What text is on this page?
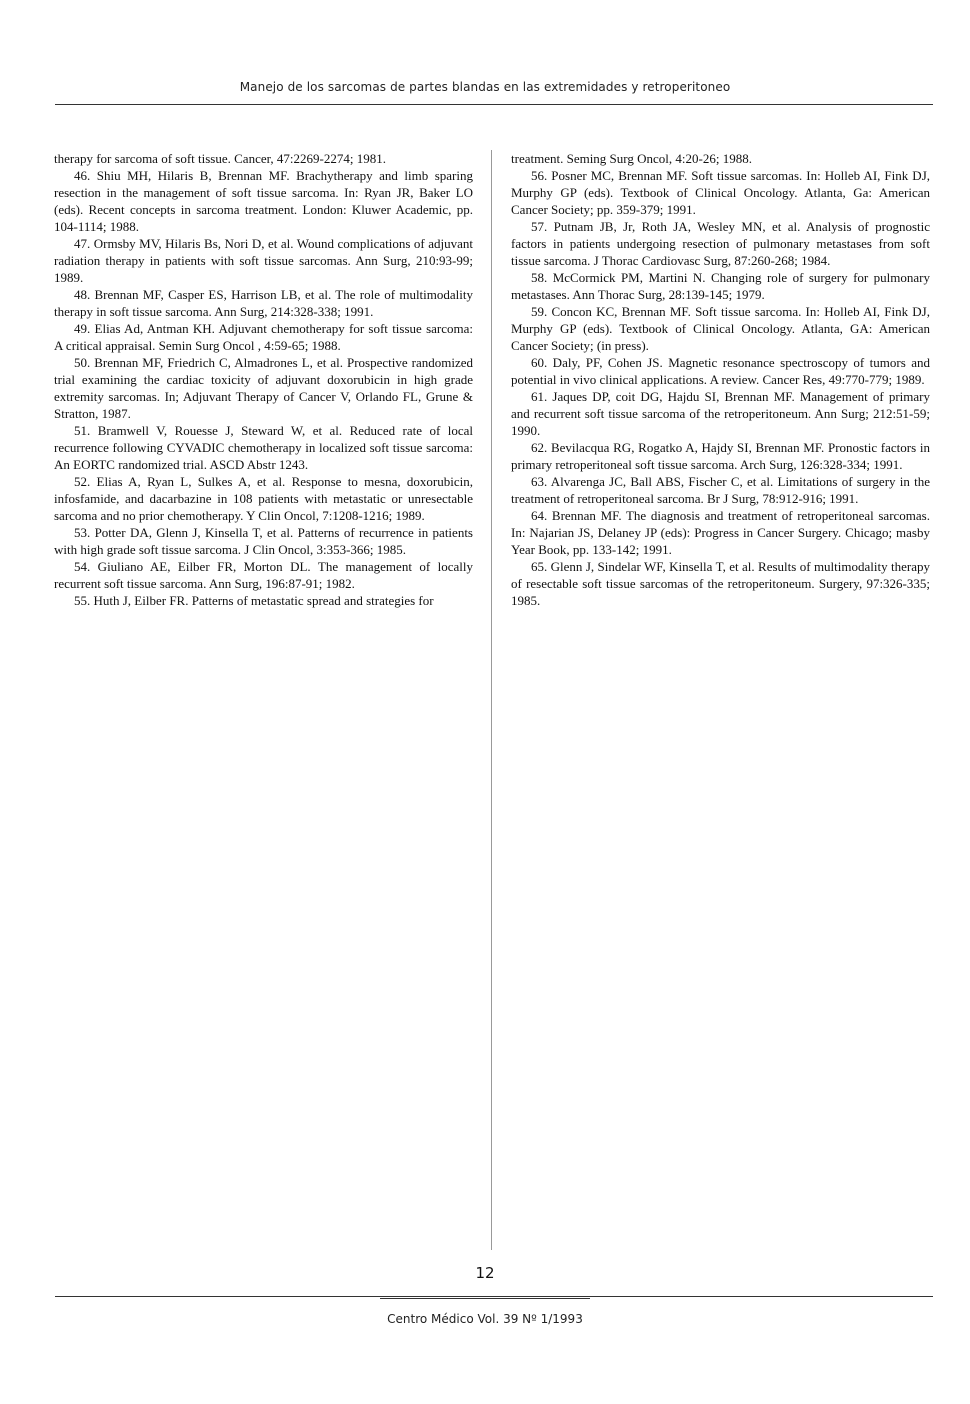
Manejo de los sarcomas de partes blandas en las extremidades y retroperitoneo

therapy for sarcoma of soft tissue. Cancer, 47:2269-2274; 1981.

46. Shiu MH, Hilaris B, Brennan MF. Brachytherapy and limb sparing resection in the management of soft tissue sarcoma. In: Ryan JR, Baker LO (eds). Recent concepts in sarcoma treatment. London: Kluwer Academic, pp. 104-1114; 1988.

47. Ormsby MV, Hilaris Bs, Nori D, et al. Wound complications of adjuvant radiation therapy in patients with soft tissue sarcomas. Ann Surg, 210:93-99; 1989.

48. Brennan MF, Casper ES, Harrison LB, et al. The role of multimodality therapy in soft tissue sarcoma. Ann Surg, 214:328-338; 1991.

49. Elias Ad, Antman KH. Adjuvant chemotherapy for soft tissue sarcoma: A critical appraisal. Semin Surg Oncol , 4:59-65; 1988.

50. Brennan MF, Friedrich C, Almadrones L, et al. Prospective randomized trial examining the cardiac toxicity of adjuvant doxorubicin in high grade extremity sarcomas. In; Adjuvant Therapy of Cancer V, Orlando FL, Grune & Stratton, 1987.

51. Bramwell V, Rouesse J, Steward W, et al. Reduced rate of local recurrence following CYVADIC chemotherapy in localized soft tissue sarcoma: An EORTC randomized trial. ASCD Abstr 1243.

52. Elias A, Ryan L, Sulkes A, et al. Response to mesna, doxorubicin, infosfamide, and dacarbazine in 108 patients with metastatic or unresectable sarcoma and no prior chemotherapy. Y Clin Oncol, 7:1208-1216; 1989.

53. Potter DA, Glenn J, Kinsella T, et al. Patterns of recurrence in patients with high grade soft tissue sarcoma. J Clin Oncol, 3:353-366; 1985.

54. Giuliano AE, Eilber FR, Morton DL. The management of locally recurrent soft tissue sarcoma. Ann Surg, 196:87-91; 1982.

55. Huth J, Eilber FR. Patterns of metastatic spread and strategies for

treatment. Seming Surg Oncol, 4:20-26; 1988.

56. Posner MC, Brennan MF. Soft tissue sarcomas. In: Holleb AI, Fink DJ, Murphy GP (eds). Textbook of Clinical Oncology. Atlanta, Ga: American Cancer Society; pp. 359-379; 1991.

57. Putnam JB, Jr, Roth JA, Wesley MN, et al. Analysis of prognostic factors in patients undergoing resection of pulmonary metastases from soft tissue sarcoma. J Thorac Cardiovasc Surg, 87:260-268; 1984.

58. McCormick PM, Martini N. Changing role of surgery for pulmonary metastases. Ann Thorac Surg, 28:139-145; 1979.

59. Concon KC, Brennan MF. Soft tissue sarcoma. In: Holleb AI, Fink DJ, Murphy GP (eds). Textbook of Clinical Oncology. Atlanta, GA: American Cancer Society; (in press).

60. Daly, PF, Cohen JS. Magnetic resonance spectroscopy of tumors and potential in vivo clinical applications. A review. Cancer Res, 49:770-779; 1989.

61. Jaques DP, coit DG, Hajdu SI, Brennan MF. Management of primary and recurrent soft tissue sarcoma of the retroperitoneum. Ann Surg; 212:51-59; 1990.

62. Bevilacqua RG, Rogatko A, Hajdy SI, Brennan MF. Pronostic factors in primary retroperitoneal soft tissue sarcoma. Arch Surg, 126:328-334; 1991.

63. Alvarenga JC, Ball ABS, Fischer C, et al. Limitations of surgery in the treatment of retroperitoneal sarcoma. Br J Surg, 78:912-916; 1991.

64. Brennan MF. The diagnosis and treatment of retroperitoneal sarcomas. In: Najarian JS, Delaney JP (eds): Progress in Cancer Surgery. Chicago; masby Year Book, pp. 133-142; 1991.

65. Glenn J, Sindelar WF, Kinsella T, et al. Results of multimodality therapy of resectable soft tissue sarcomas of the retroperitoneum. Surgery, 97:326-335; 1985.

12
Centro Médico Vol. 39 Nº 1/1993
